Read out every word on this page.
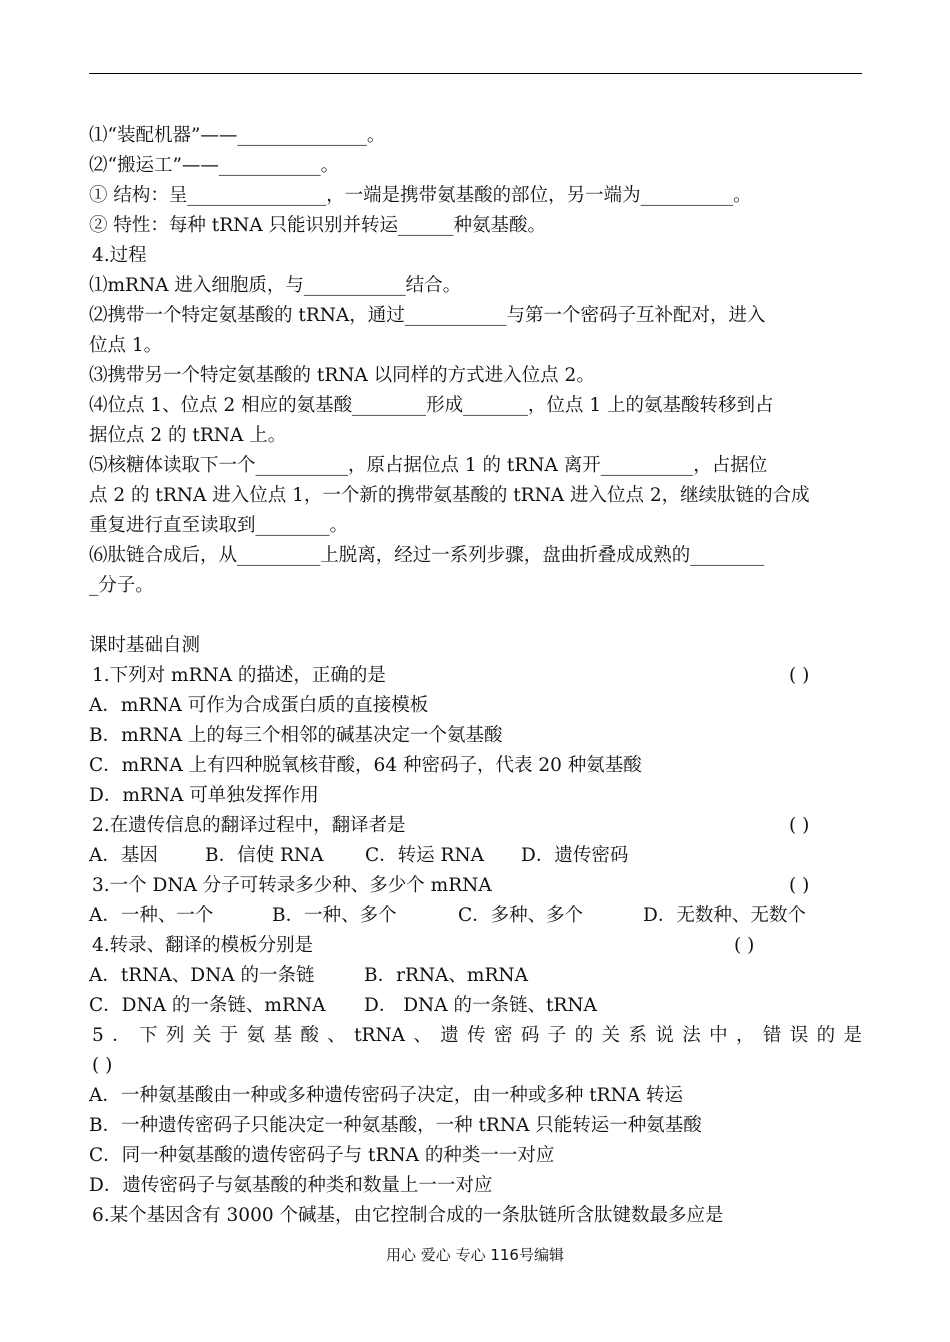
⑴“装配机器”——______________。
⑵“搬运工”——___________。
① 结构：呈_______________，一端是携带氨基酸的部位，另一端为__________。
② 特性：每种 tRNA 只能识别并转运______种氨基酸。
4.过程
⑴mRNA 进入细胞质，与___________结合。
⑵携带一个特定氨基酸的 tRNA，通过___________与第一个密码子互补配对，进入
位点 1。
⑶携带另一个特定氨基酸的 tRNA 以同样的方式进入位点 2。
⑷位点 1、位点 2 相应的氨基酸________形成_______，位点 1 上的氨基酸转移到占
据位点 2 的 tRNA 上。
⑸核糖体读取下一个__________，原占据位点 1 的 tRNA 离开__________，占据位
点 2 的 tRNA 进入位点 1，一个新的携带氨基酸的 tRNA 进入位点 2，继续肽链的合成
重复进行直至读取到________。
⑹肽链合成后，从_________上脱离，经过一系列步骤，盘曲折叠成成熟的________
_分子。
课时基础自测
1.下列对 mRNA 的描述，正确的是	( )
A．mRNA 可作为合成蛋白质的直接模板
B．mRNA 上的每三个相邻的碱基决定一个氨基酸
C．mRNA 上有四种脱氧核苷酸，64 种密码子，代表 20 种氨基酸
D．mRNA 可单独发挥作用
2.在遗传信息的翻译过程中，翻译者是	( )
A．基因	B．信使 RNA C．转运 RNA D．遗传密码
3.一个 DNA 分子可转录多少种、多少个 mRNA	( )
A．一种、一个	B．一种、多个	C．多种、多个	D．无数种、无数个
4.转录、翻译的模板分别是	( )
A．tRNA、DNA 的一条链	B．rRNA、mRNA
C．DNA 的一条链、mRNA D． DNA 的一条链、tRNA
5．下列关于氨基酸、tRNA、遗传密码子的关系说法中，错误的是
( )
A．一种氨基酸由一种或多种遗传密码子决定，由一种或多种 tRNA 转运
B．一种遗传密码子只能决定一种氨基酸，一种 tRNA 只能转运一种氨基酸
C．同一种氨基酸的遗传密码子与 tRNA 的种类一一对应
D．遗传密码子与氨基酸的种类和数量上一一对应
6.某个基因含有 3000 个碱基，由它控制合成的一条肽链所含肽键数最多应是
用心 爱心 专心 116号编辑
